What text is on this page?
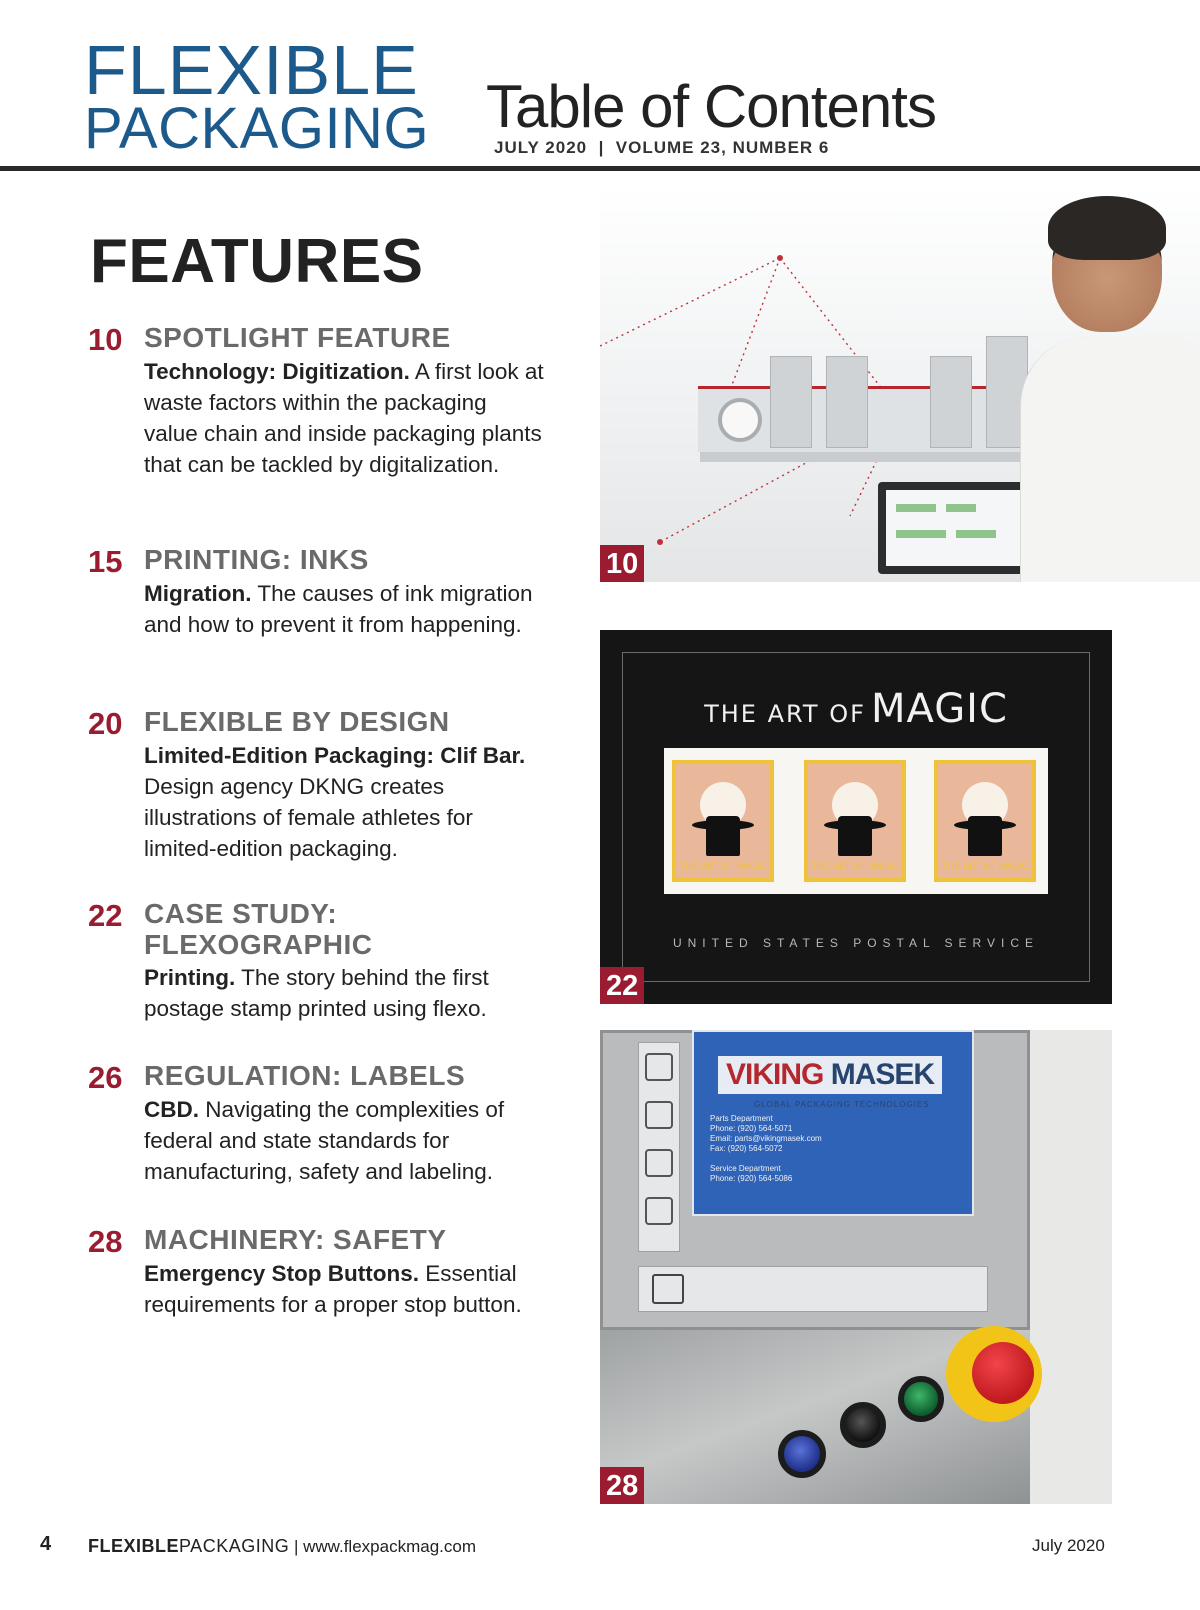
FLEXIBLE
PACKAGING Table of Contents
JULY 2020  |  VOLUME 23, NUMBER 6
FEATURES
10 SPOTLIGHT FEATURE
Technology: Digitization. A first look at waste factors within the packaging value chain and inside packaging plants that can be tackled by digitalization.
15 PRINTING: INKS
Migration. The causes of ink migration and how to prevent it from happening.
20 FLEXIBLE BY DESIGN
Limited-Edition Packaging: Clif Bar. Design agency DKNG creates illustrations of female athletes for limited-edition packaging.
22 CASE STUDY: FLEXOGRAPHIC
Printing. The story behind the first postage stamp printed using flexo.
26 REGULATION: LABELS
CBD. Navigating the complexities of federal and state standards for manufacturing, safety and labeling.
28 MACHINERY: SAFETY
Emergency Stop Buttons. Essential requirements for a proper stop button.
10
THE ART OF MAGIC
THE ART OF MAGIC	THE ART OF MAGIC	THE ART OF MAGIC
UNITED STATES POSTAL SERVICE
22
VIKING MASEK
GLOBAL PACKAGING TECHNOLOGIES
Parts Department
Phone: (920) 564-5071
Email: parts@vikingmasek.com
Fax: (920) 564-5072

Service Department
Phone: (920) 564-5086
28
4 FLEXIBLEPACKAGING | www.flexpackmag.com	July 2020
